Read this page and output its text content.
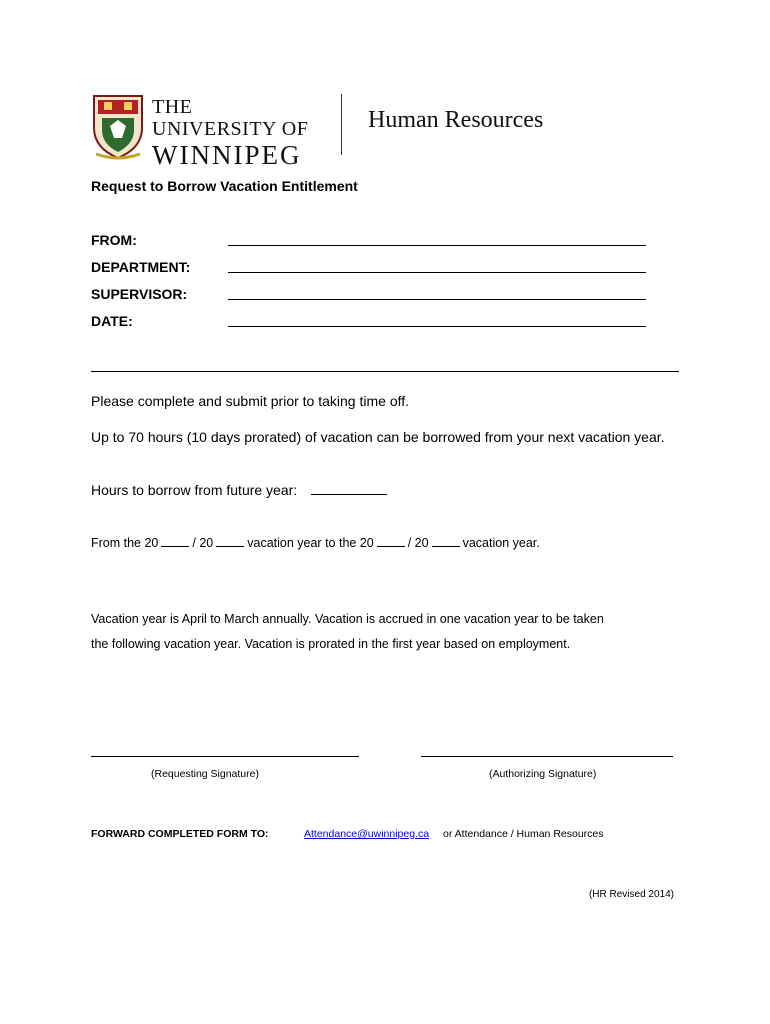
THE UNIVERSITY OF
WINNIPEG
Human Resources
Request to Borrow Vacation Entitlement
FROM:
DEPARTMENT:
SUPERVISOR:
DATE:
Please complete and submit prior to taking time off.
Up to 70 hours (10 days prorated) of vacation can be borrowed from your next vacation year.
Hours to borrow from future year:
From the 20	/ 20	vacation year to the 20	/ 20	vacation year.
Vacation year is April to March annually. Vacation is accrued in one vacation year to be taken
the following vacation year. Vacation is prorated in the first year based on employment.
(Requesting Signature)	(Authorizing Signature)
FORWARD COMPLETED FORM TO:	Attendance@uwinnipeg.ca or Attendance / Human Resources
(HR Revised 2014)
